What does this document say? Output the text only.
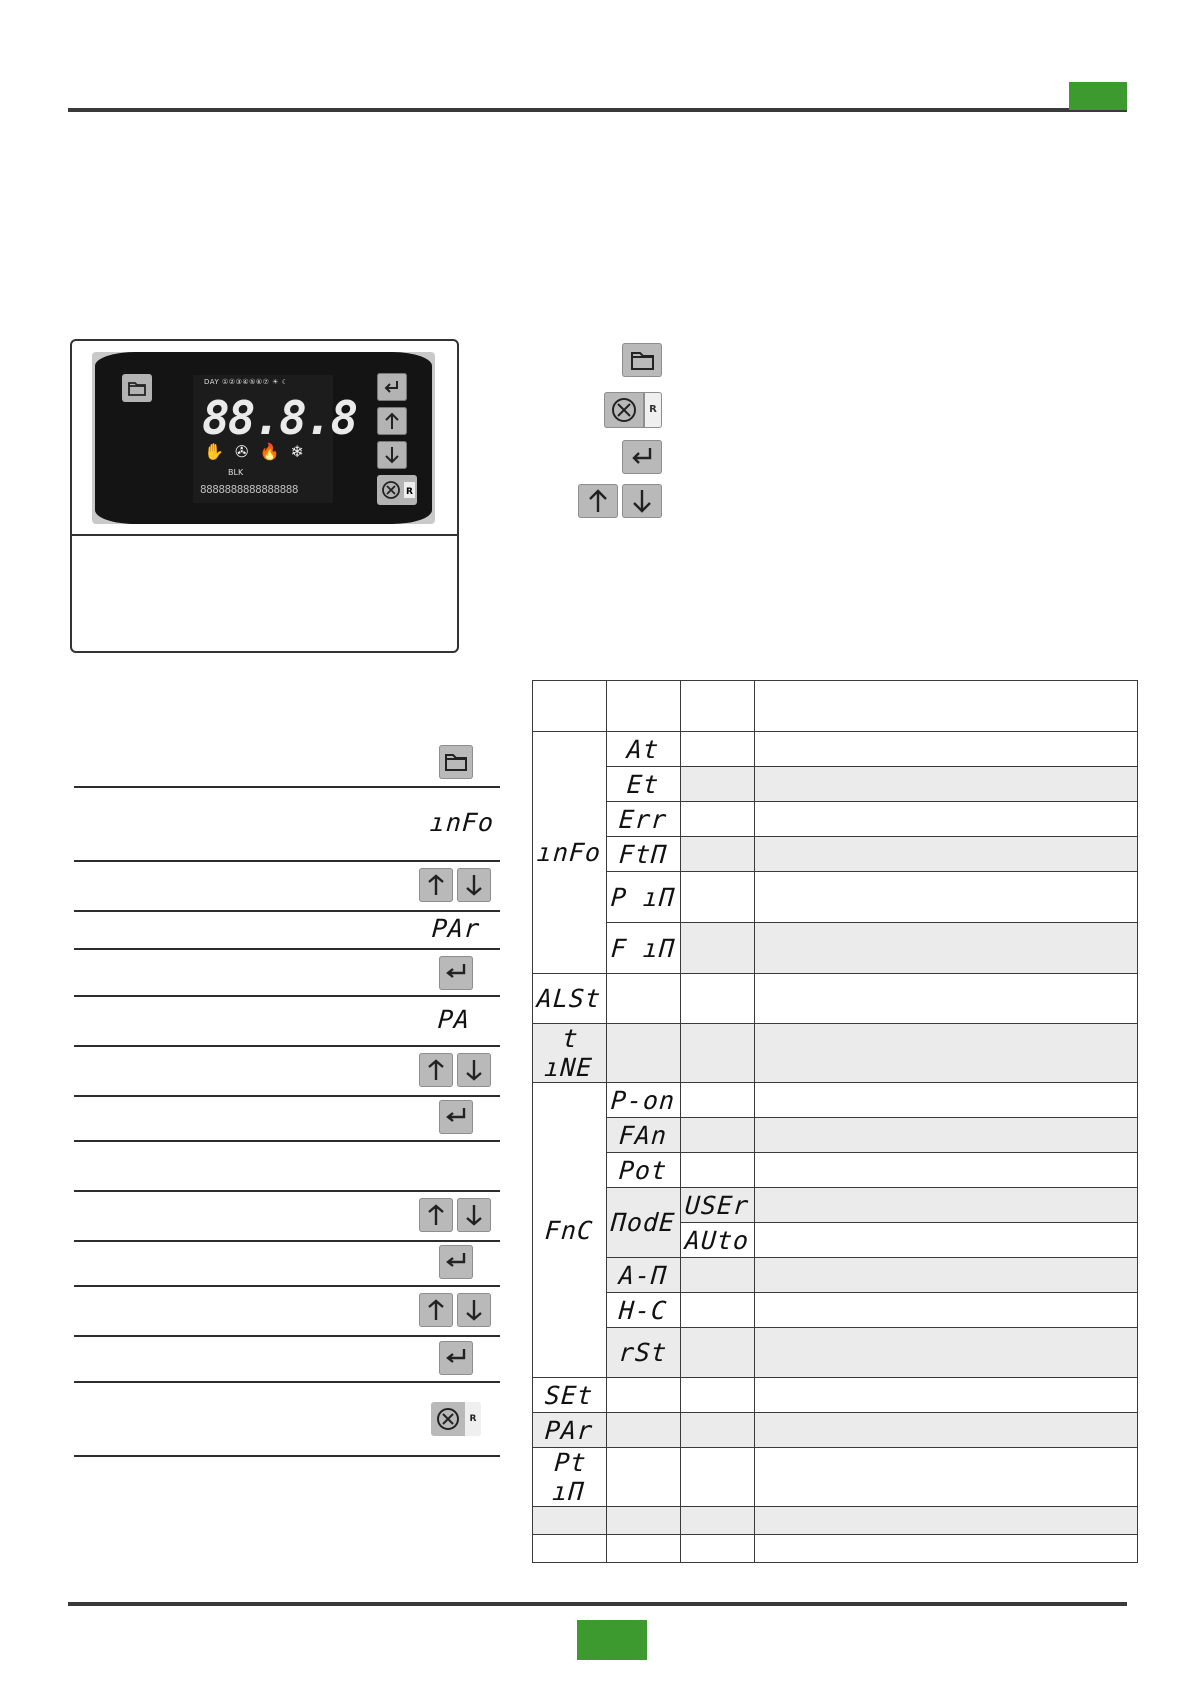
DAY ①②③④⑤⑥⑦ ☀ ☾
88.8.8
✋ ✇ 🔥 ❄
BLK
8888888888888888	R
R
ınFo
PAr
PA
R

ınFo	At		
	Et		
	Err		
	FtП		
	P ıП		
	F ıП		
ALSt			
t ıNE			
FnC	P-on		
	FAn		
	Pot		
	ПodE	USEr	
		AUto	
	A-П		
	H-C		
	rSt		
SEt			
PAr			
Pt ıП			
